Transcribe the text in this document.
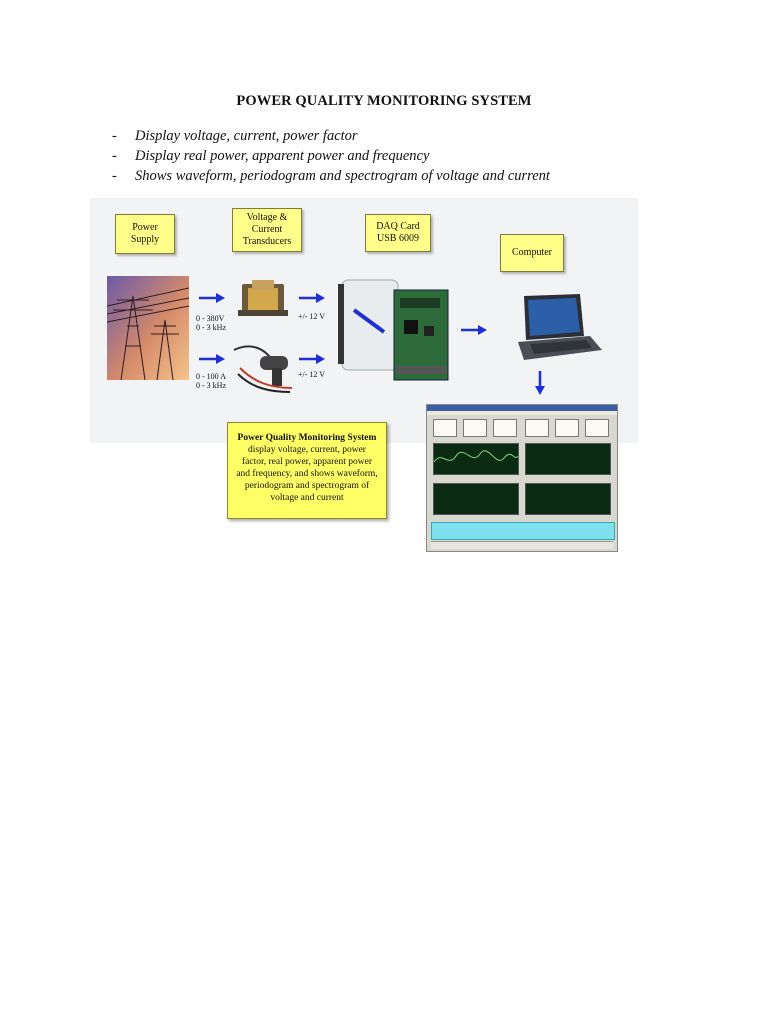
POWER QUALITY MONITORING SYSTEM
- Display voltage, current, power factor
- Display real power, apparent power and frequency
- Shows waveform, periodogram and spectrogram of voltage and current
Power
Supply
Voltage &
Current
Transducers
DAQ Card
USB 6009
Computer
0 - 380V
0 - 3 kHz
0 - 100 A
0 - 3 kHz
+/- 12 V
+/- 12 V
Power Quality Monitoring System
display voltage, current, power
factor, real power, apparent power
and frequency, and shows waveform,
periodogram and spectrogram of
voltage and current
